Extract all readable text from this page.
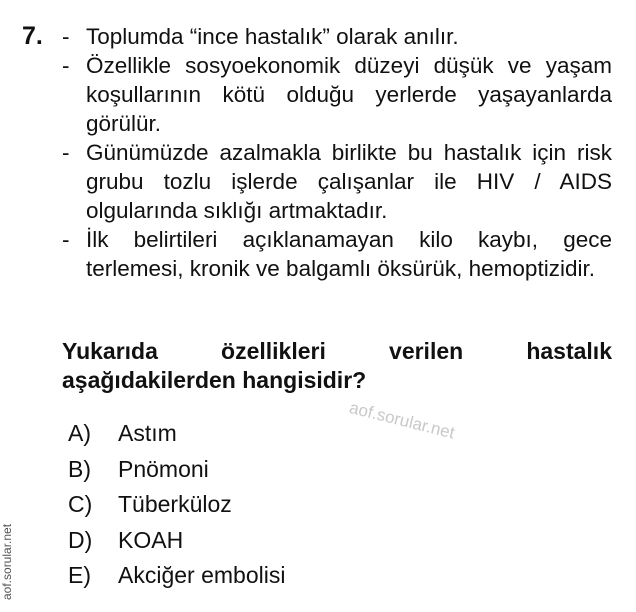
7. - Toplumda “ince hastalık” olarak anılır.
- Özellikle sosyoekonomik düzeyi düşük ve yaşam koşullarının kötü olduğu yerlerde yaşayanlarda görülür.
- Günümüzde azalmakla birlikte bu hastalık için risk grubu tozlu işlerde çalışanlar ile HIV / AIDS olgularında sıklığı artmaktadır.
- İlk belirtileri açıklanamayan kilo kaybı, gece terlemesi, kronik ve balgamlı öksürük, hemoptizidir.
Yukarıda özellikleri verilen hastalık aşağıdakilerden hangisidir?
aof.sorular.net
A) Astım
B) Pnömoni
C) Tüberküloz
D) KOAH
E) Akciğer embolisi
aof.sorular.net
